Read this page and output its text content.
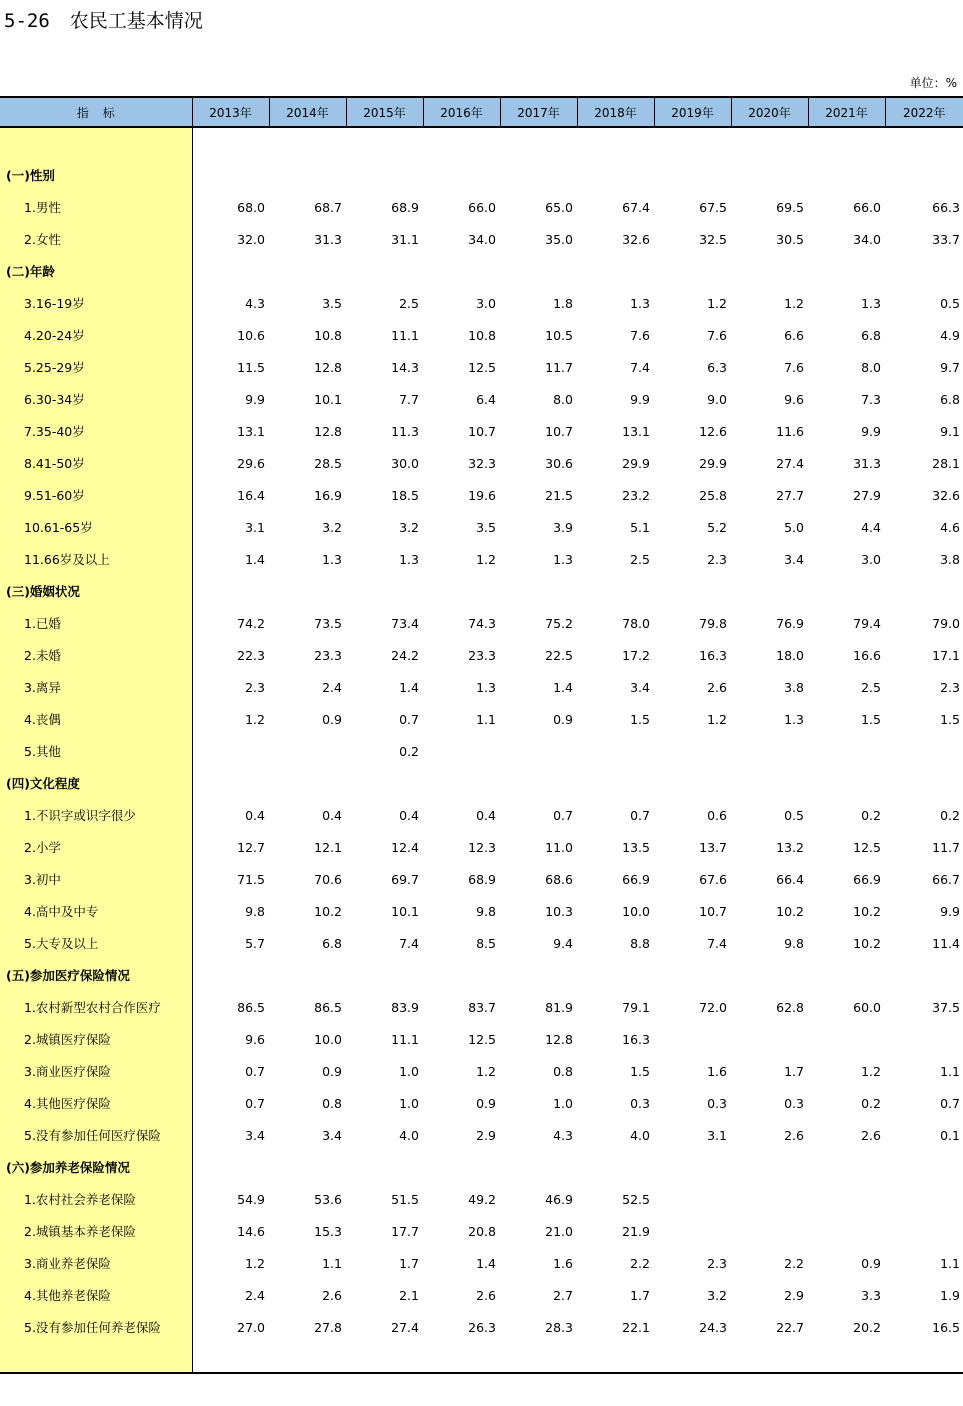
5-26 农民工基本情况
单位：%
指标	2013年	2014年	2015年	2016年	2017年	2018年	2019年	2020年	2021年	2022年

(一)性别										
1.男性	68.0	68.7	68.9	66.0	65.0	67.4	67.5	69.5	66.0	66.3
2.女性	32.0	31.3	31.1	34.0	35.0	32.6	32.5	30.5	34.0	33.7
(二)年龄										
3.16-19岁	4.3	3.5	2.5	3.0	1.8	1.3	1.2	1.2	1.3	0.5
4.20-24岁	10.6	10.8	11.1	10.8	10.5	7.6	7.6	6.6	6.8	4.9
5.25-29岁	11.5	12.8	14.3	12.5	11.7	7.4	6.3	7.6	8.0	9.7
6.30-34岁	9.9	10.1	7.7	6.4	8.0	9.9	9.0	9.6	7.3	6.8
7.35-40岁	13.1	12.8	11.3	10.7	10.7	13.1	12.6	11.6	9.9	9.1
8.41-50岁	29.6	28.5	30.0	32.3	30.6	29.9	29.9	27.4	31.3	28.1
9.51-60岁	16.4	16.9	18.5	19.6	21.5	23.2	25.8	27.7	27.9	32.6
10.61-65岁	3.1	3.2	3.2	3.5	3.9	5.1	5.2	5.0	4.4	4.6
11.66岁及以上	1.4	1.3	1.3	1.2	1.3	2.5	2.3	3.4	3.0	3.8
(三)婚姻状况										
1.已婚	74.2	73.5	73.4	74.3	75.2	78.0	79.8	76.9	79.4	79.0
2.未婚	22.3	23.3	24.2	23.3	22.5	17.2	16.3	18.0	16.6	17.1
3.离异	2.3	2.4	1.4	1.3	1.4	3.4	2.6	3.8	2.5	2.3
4.丧偶	1.2	0.9	0.7	1.1	0.9	1.5	1.2	1.3	1.5	1.5
5.其他			0.2							
(四)文化程度										
1.不识字或识字很少	0.4	0.4	0.4	0.4	0.7	0.7	0.6	0.5	0.2	0.2
2.小学	12.7	12.1	12.4	12.3	11.0	13.5	13.7	13.2	12.5	11.7
3.初中	71.5	70.6	69.7	68.9	68.6	66.9	67.6	66.4	66.9	66.7
4.高中及中专	9.8	10.2	10.1	9.8	10.3	10.0	10.7	10.2	10.2	9.9
5.大专及以上	5.7	6.8	7.4	8.5	9.4	8.8	7.4	9.8	10.2	11.4
(五)参加医疗保险情况										
1.农村新型农村合作医疗	86.5	86.5	83.9	83.7	81.9	79.1	72.0	62.8	60.0	37.5
2.城镇医疗保险	9.6	10.0	11.1	12.5	12.8	16.3				
3.商业医疗保险	0.7	0.9	1.0	1.2	0.8	1.5	1.6	1.7	1.2	1.1
4.其他医疗保险	0.7	0.8	1.0	0.9	1.0	0.3	0.3	0.3	0.2	0.7
5.没有参加任何医疗保险	3.4	3.4	4.0	2.9	4.3	4.0	3.1	2.6	2.6	0.1
(六)参加养老保险情况										
1.农村社会养老保险	54.9	53.6	51.5	49.2	46.9	52.5				
2.城镇基本养老保险	14.6	15.3	17.7	20.8	21.0	21.9				
3.商业养老保险	1.2	1.1	1.7	1.4	1.6	2.2	2.3	2.2	0.9	1.1
4.其他养老保险	2.4	2.6	2.1	2.6	2.7	1.7	3.2	2.9	3.3	1.9
5.没有参加任何养老保险	27.0	27.8	27.4	26.3	28.3	22.1	24.3	22.7	20.2	16.5
